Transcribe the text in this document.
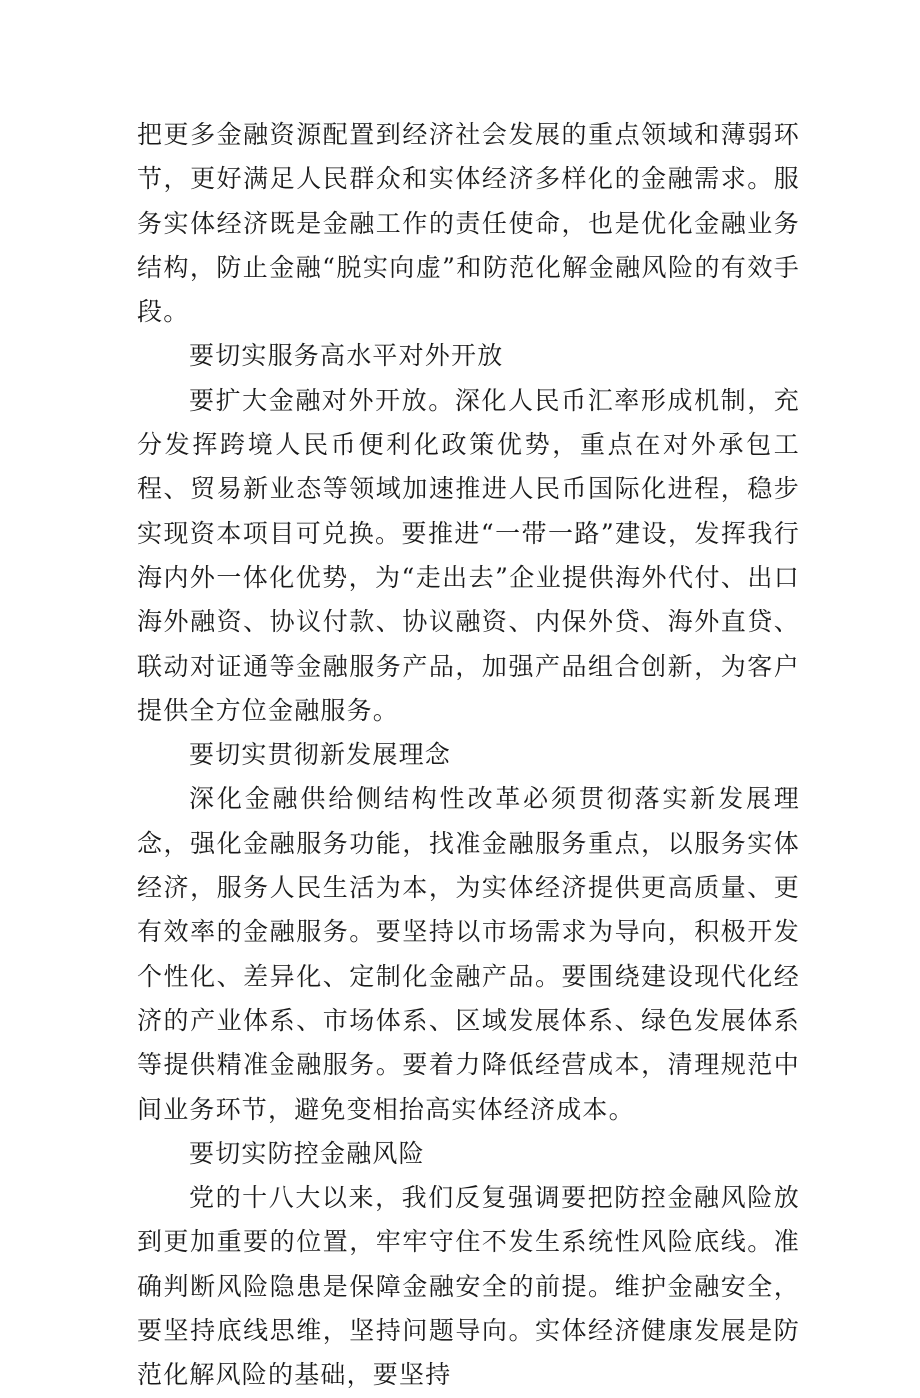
把更多金融资源配置到经济社会发展的重点领域和薄弱环节，更好满足人民群众和实体经济多样化的金融需求。服务实体经济既是金融工作的责任使命，也是优化金融业务结构，防止金融“脱实向虚”和防范化解金融风险的有效手段。

要切实服务高水平对外开放

要扩大金融对外开放。深化人民币汇率形成机制，充分发挥跨境人民币便利化政策优势，重点在对外承包工程、贸易新业态等领域加速推进人民币国际化进程，稳步实现资本项目可兑换。要推进“一带一路”建设，发挥我行海内外一体化优势，为“走出去”企业提供海外代付、出口海外融资、协议付款、协议融资、内保外贷、海外直贷、联动对证通等金融服务产品，加强产品组合创新，为客户提供全方位金融服务。

要切实贯彻新发展理念

深化金融供给侧结构性改革必须贯彻落实新发展理念，强化金融服务功能，找准金融服务重点，以服务实体经济，服务人民生活为本，为实体经济提供更高质量、更有效率的金融服务。要坚持以市场需求为导向，积极开发个性化、差异化、定制化金融产品。要围绕建设现代化经济的产业体系、市场体系、区域发展体系、绿色发展体系等提供精准金融服务。要着力降低经营成本，清理规范中间业务环节，避免变相抬高实体经济成本。

要切实防控金融风险

党的十八大以来，我们反复强调要把防控金融风险放到更加重要的位置，牢牢守住不发生系统性风险底线。准确判断风险隐患是保障金融安全的前提。维护金融安全，要坚持底线思维，坚持问题导向。实体经济健康发展是防范化解风险的基础，要坚持
